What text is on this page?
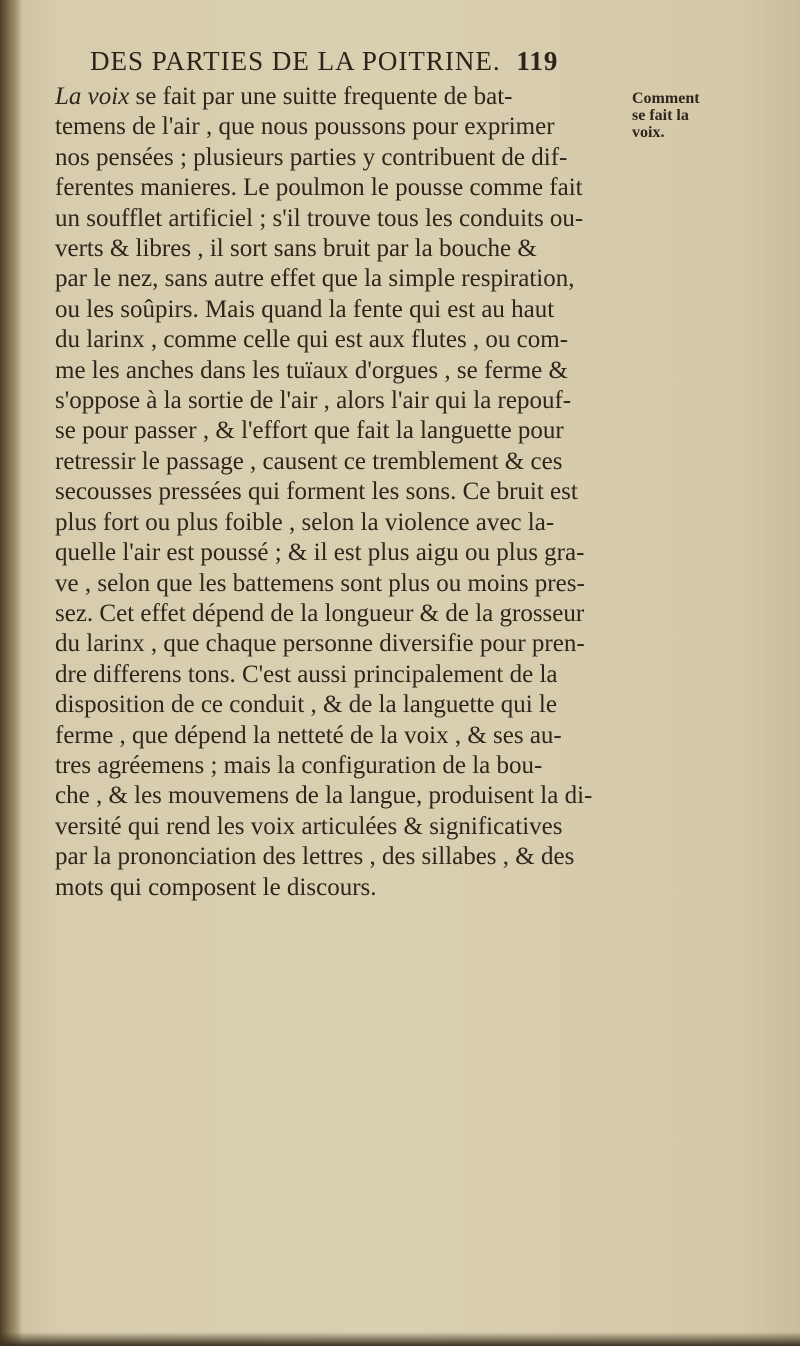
DES PARTIES DE LA POITRINE. 119
La voix se fait par une suitte frequente de bat-
temens de l'air , que nous poussons pour exprimer
nos pensées ; plusieurs parties y contribuent de dif-
ferentes manieres. Le poulmon le pousse comme fait
un soufflet artificiel ; s'il trouve tous les conduits ou-
verts & libres , il sort sans bruit par la bouche &
par le nez, sans autre effet que la simple respiration,
ou les soûpirs. Mais quand la fente qui est au haut
du larinx , comme celle qui est aux flutes , ou com-
me les anches dans les tuïaux d'orgues , se ferme &
s'oppose à la sortie de l'air , alors l'air qui la repouf-
se pour passer , & l'effort que fait la languette pour
retressir le passage , causent ce tremblement & ces
secousses pressées qui forment les sons. Ce bruit est
plus fort ou plus foible , selon la violence avec la-
quelle l'air est poussé ; & il est plus aigu ou plus gra-
ve , selon que les battemens sont plus ou moins pres-
sez. Cet effet dépend de la longueur & de la grosseur
du larinx , que chaque personne diversifie pour pren-
dre differens tons. C'est aussi principalement de la
disposition de ce conduit , & de la languette qui le
ferme , que dépend la netteté de la voix , & ses au-
tres agréemens ; mais la configuration de la bou-
che , & les mouvemens de la langue, produisent la di-
versité qui rend les voix articulées & significatives
par la prononciation des lettres , des sillabes , & des
mots qui composent le discours.
Comment
se fait la
voix.
